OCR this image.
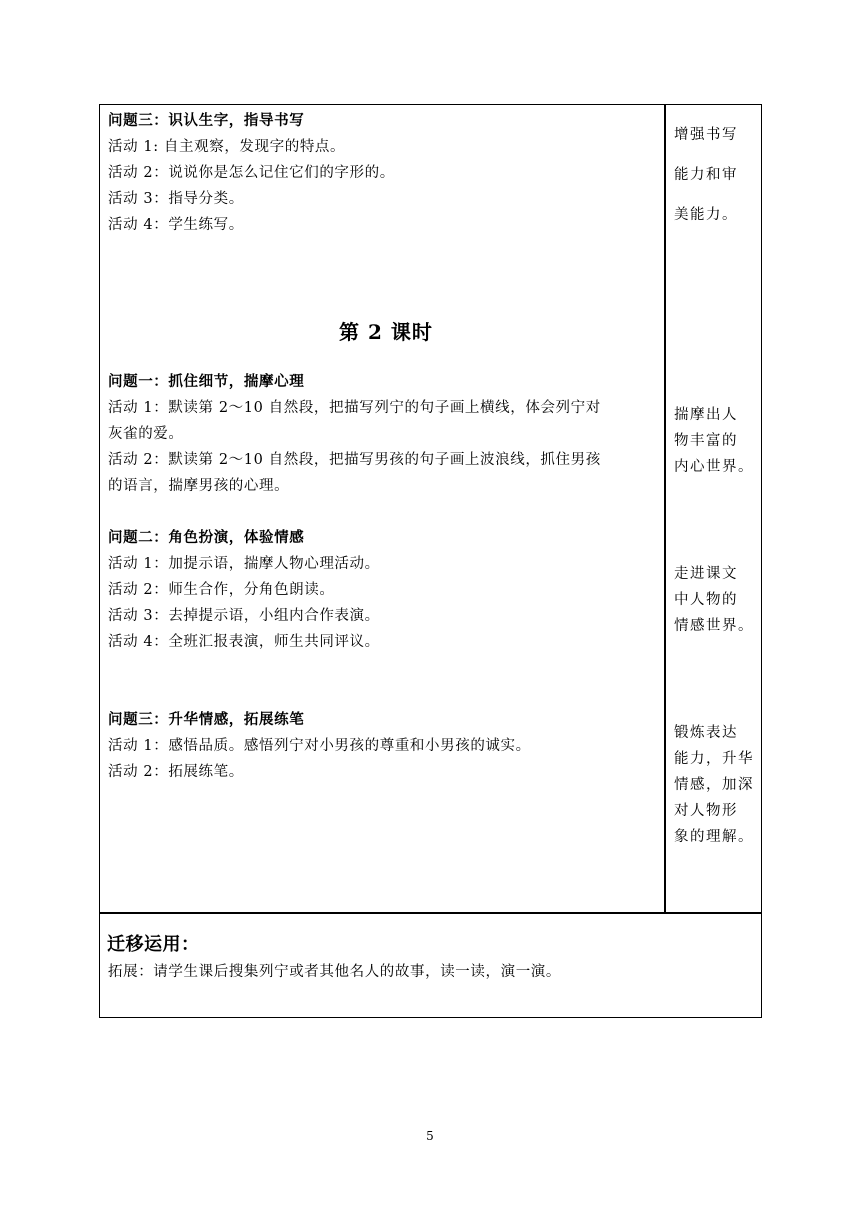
问题三：识认生字，指导书写
活动 1: 自主观察，发现字的特点。
活动 2：说说你是怎么记住它们的字形的。
活动 3：指导分类。
活动 4：学生练写。
增强书写
能力和审
美能力。
第 2 课时
问题一：抓住细节，揣摩心理
活动 1：默读第 2～10 自然段，把描写列宁的句子画上横线，体会列宁对
灰雀的爱。
活动 2：默读第 2～10 自然段，把描写男孩的句子画上波浪线，抓住男孩
的语言，揣摩男孩的心理。
揣摩出人
物丰富的
内心世界。
问题二：角色扮演，体验情感
活动 1：加提示语，揣摩人物心理活动。
活动 2：师生合作，分角色朗读。
活动 3：去掉提示语，小组内合作表演。
活动 4：全班汇报表演，师生共同评议。
走进课文
中人物的
情感世界。
问题三：升华情感，拓展练笔
活动 1：感悟品质。感悟列宁对小男孩的尊重和小男孩的诚实。
活动 2：拓展练笔。
锻炼表达
能力，升华
情感，加深
对人物形
象的理解。
迁移运用：
拓展：请学生课后搜集列宁或者其他名人的故事，读一读，演一演。
5
